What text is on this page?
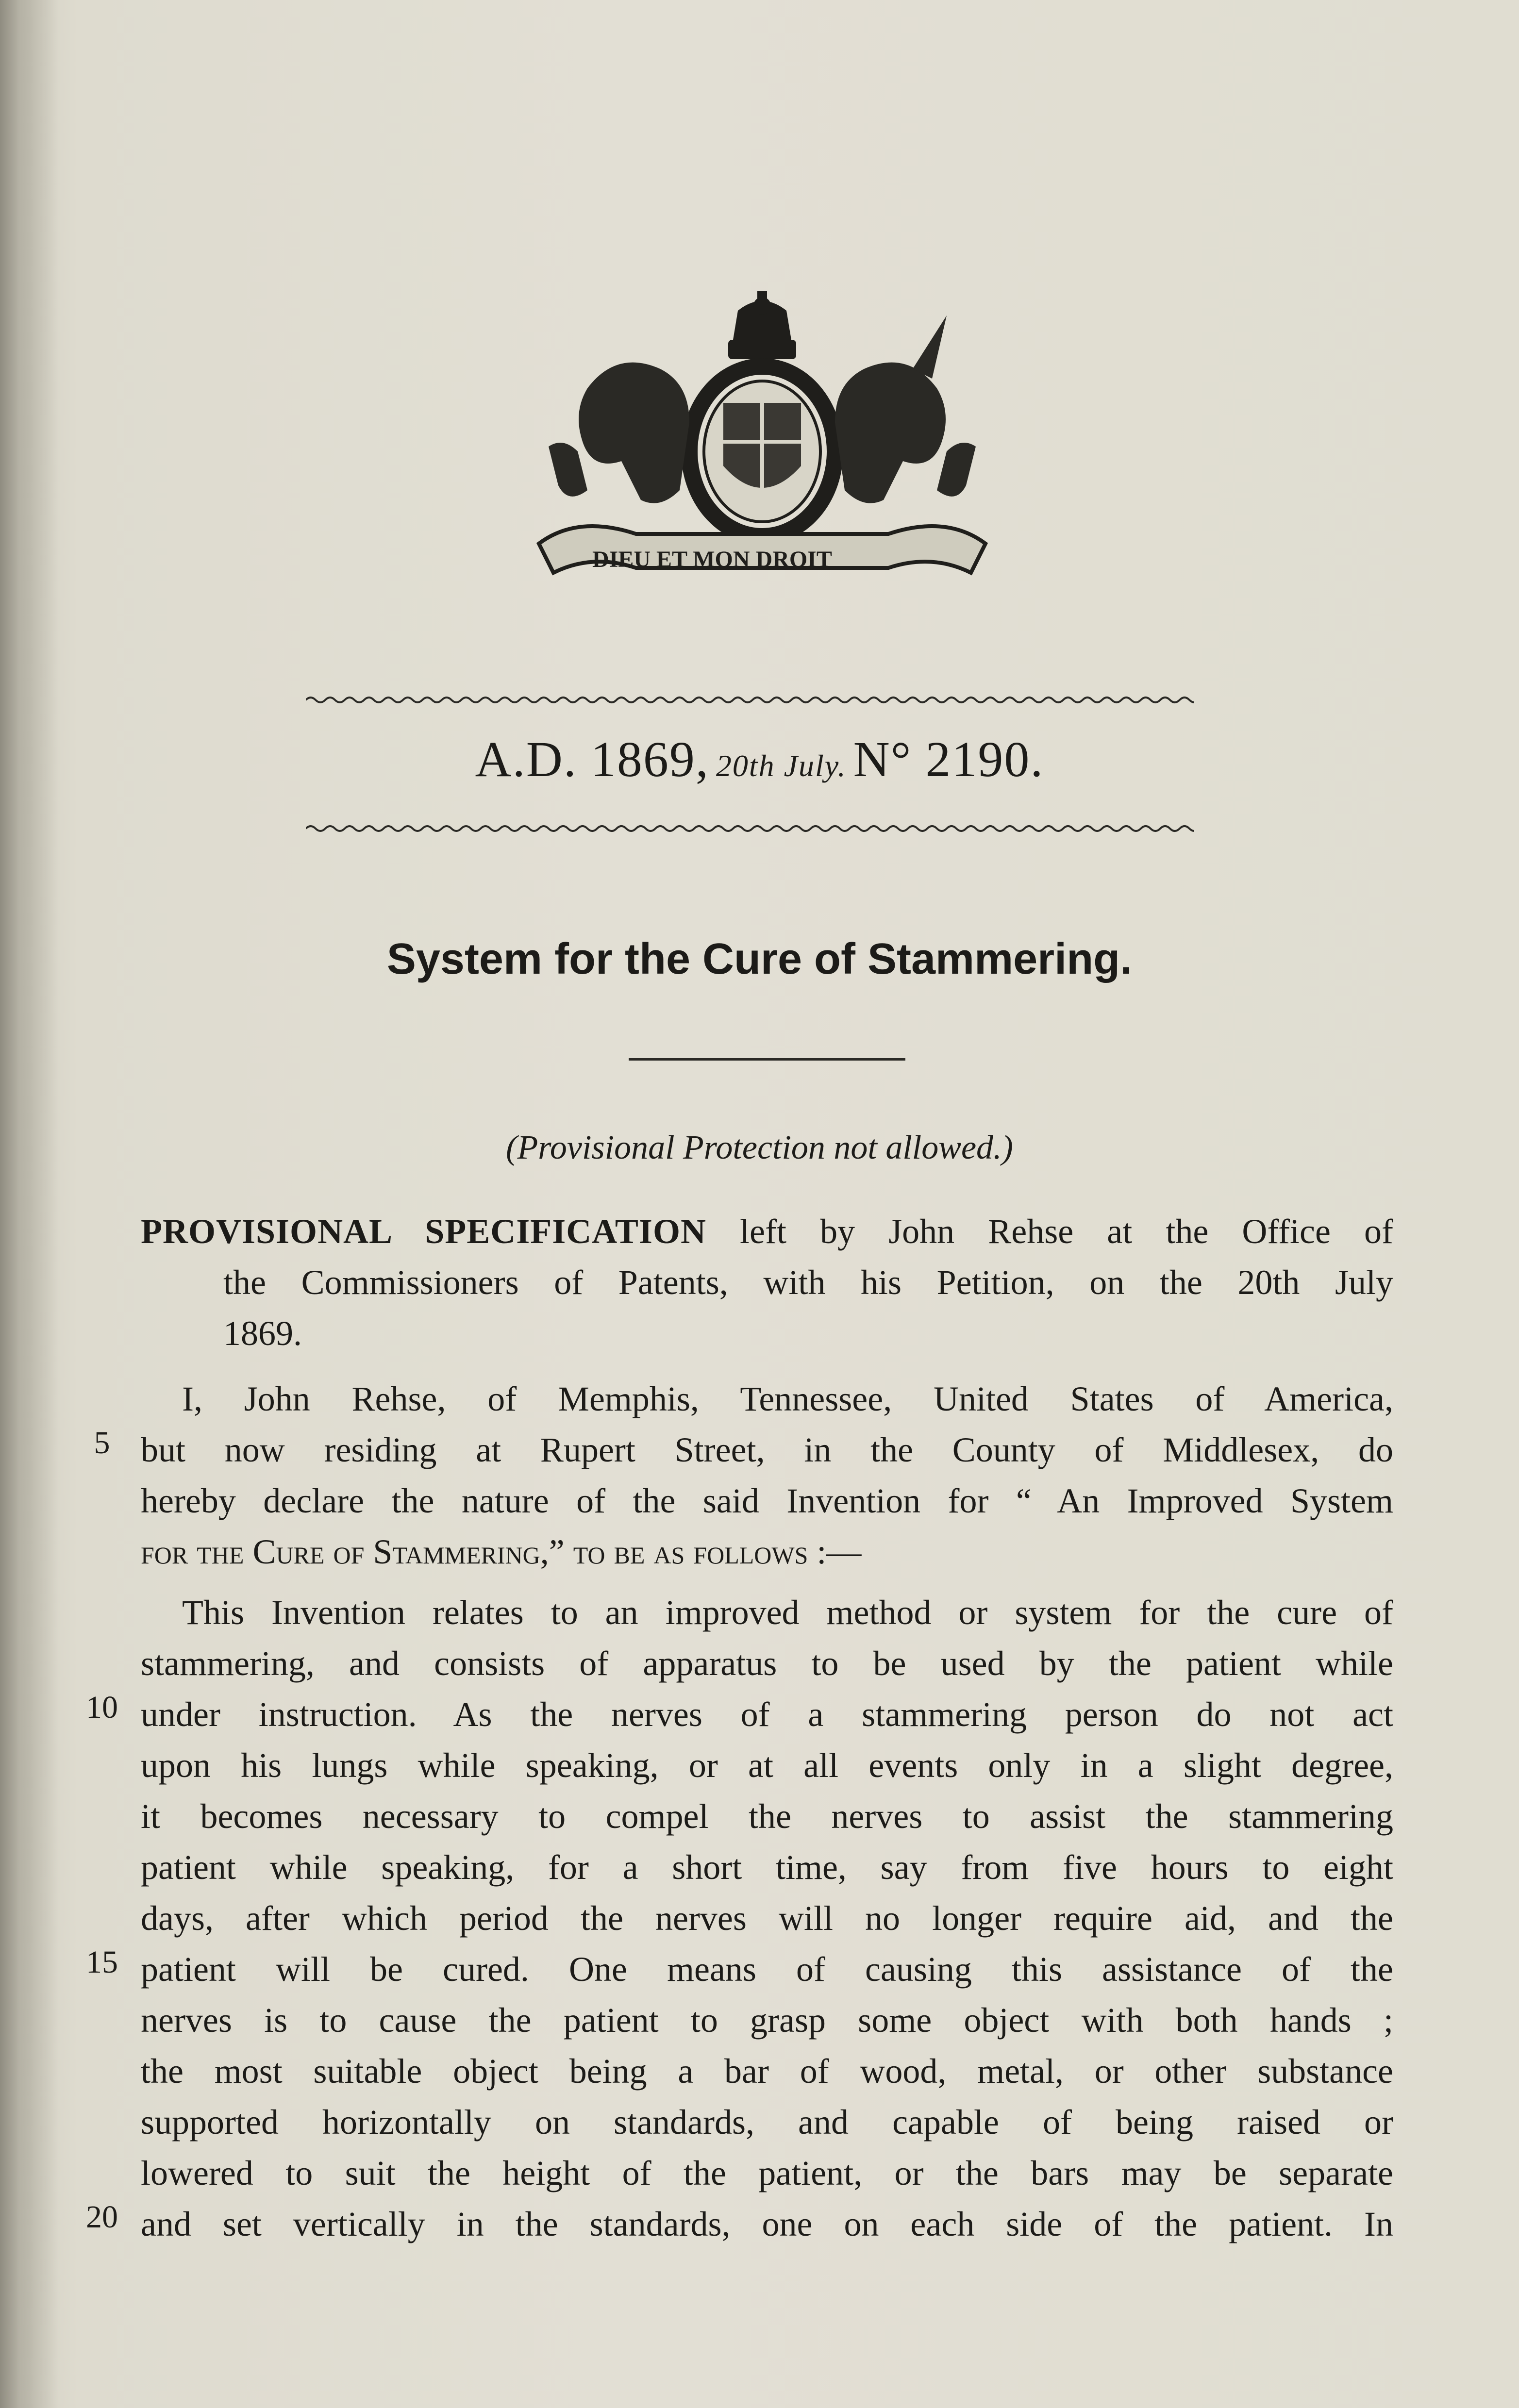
DIEU ET MON DROIT
A.D. 1869, 20th July. N° 2190.
System for the Cure of Stammering.
(Provisional Protection not allowed.)
PROVISIONAL SPECIFICATION left by John Rehse at the Office of
the Commissioners of Patents, with his Petition, on the 20th July
1869.
I, John Rehse, of Memphis, Tennessee, United States of America,
but now residing at Rupert Street, in the County of Middlesex, do
hereby declare the nature of the said Invention for “ An Improved System
for the Cure of Stammering,” to be as follows :—
This Invention relates to an improved method or system for the cure of
stammering, and consists of apparatus to be used by the patient while
under instruction. As the nerves of a stammering person do not act
upon his lungs while speaking, or at all events only in a slight degree,
it becomes necessary to compel the nerves to assist the stammering
patient while speaking, for a short time, say from five hours to eight
days, after which period the nerves will no longer require aid, and the
patient will be cured. One means of causing this assistance of the
nerves is to cause the patient to grasp some object with both hands ;
the most suitable object being a bar of wood, metal, or other substance
supported horizontally on standards, and capable of being raised or
lowered to suit the height of the patient, or the bars may be separate
and set vertically in the standards, one on each side of the patient. In
5
10
15
20
